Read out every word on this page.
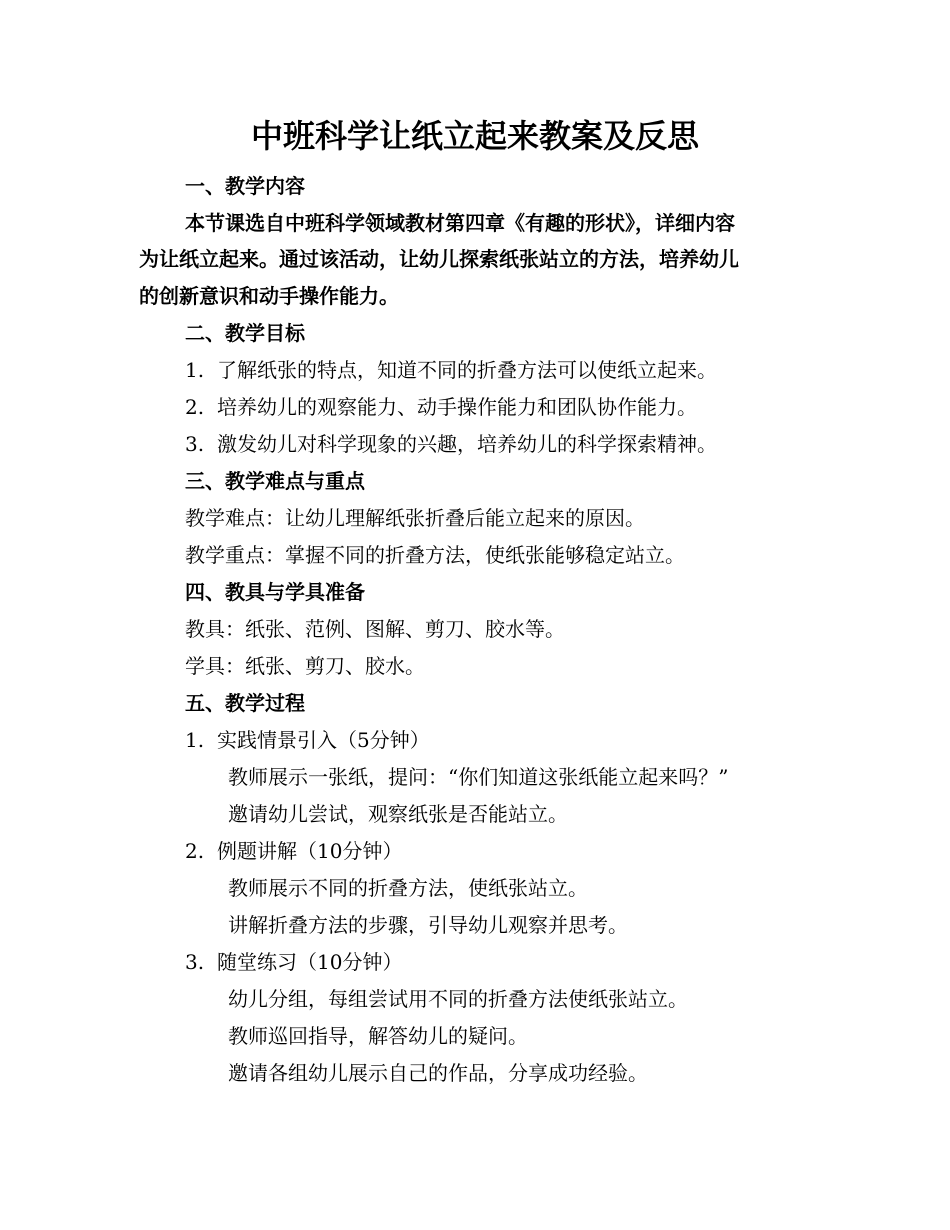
中班科学让纸立起来教案及反思
一、教学内容
本节课选自中班科学领域教材第四章《有趣的形状》，详细内容
为让纸立起来。通过该活动，让幼儿探索纸张站立的方法，培养幼儿
的创新意识和动手操作能力。
二、教学目标
1. 了解纸张的特点，知道不同的折叠方法可以使纸立起来。
2. 培养幼儿的观察能力、动手操作能力和团队协作能力。
3. 激发幼儿对科学现象的兴趣，培养幼儿的科学探索精神。
三、教学难点与重点
教学难点：让幼儿理解纸张折叠后能立起来的原因。
教学重点：掌握不同的折叠方法，使纸张能够稳定站立。
四、教具与学具准备
教具：纸张、范例、图解、剪刀、胶水等。
学具：纸张、剪刀、胶水。
五、教学过程
1. 实践情景引入（5分钟）
教师展示一张纸，提问：“你们知道这张纸能立起来吗？”
邀请幼儿尝试，观察纸张是否能站立。
2. 例题讲解（10分钟）
教师展示不同的折叠方法，使纸张站立。
讲解折叠方法的步骤，引导幼儿观察并思考。
3. 随堂练习（10分钟）
幼儿分组，每组尝试用不同的折叠方法使纸张站立。
教师巡回指导，解答幼儿的疑问。
邀请各组幼儿展示自己的作品，分享成功经验。
